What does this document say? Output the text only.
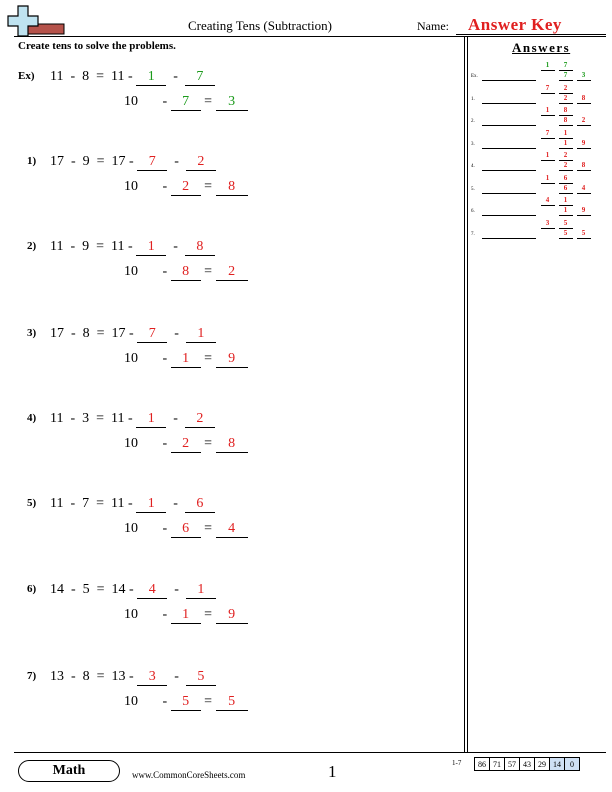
Creating Tens (Subtraction)	Name: Answer Key
Create tens to solve the problems.
Ex) 11  -  8  =  11 - 1  -  7
10       - 7 = 3
1) 17  -  9  =  17 - 7  -  2
10       - 2 = 8
2) 11  -  9  =  11 - 1  -  8
10       - 8 = 2
3) 17  -  8  =  17 - 7  -  1
10       - 1 = 9
4) 11  -  3  =  11 - 1  -  2
10       - 2 = 8
5) 11  -  7  =  11 - 1  -  6
10       - 6 = 4
6) 14  -  5  =  14 - 4  -  1
10       - 1 = 9
7) 13  -  8  =  13 - 3  -  5
10       - 5 = 5
Answers
Ex.
1	7
7	3
1.
7	2
2	8
2.
1	8
8	2
3.
7	1
1	9
4.
1	2
2	8
5.
1	6
6	4
6.
4	1
1	9
7.
3	5
5	5
Math	www.CommonCoreSheets.com	1	1-7 86	71	57	43	29	14	0
